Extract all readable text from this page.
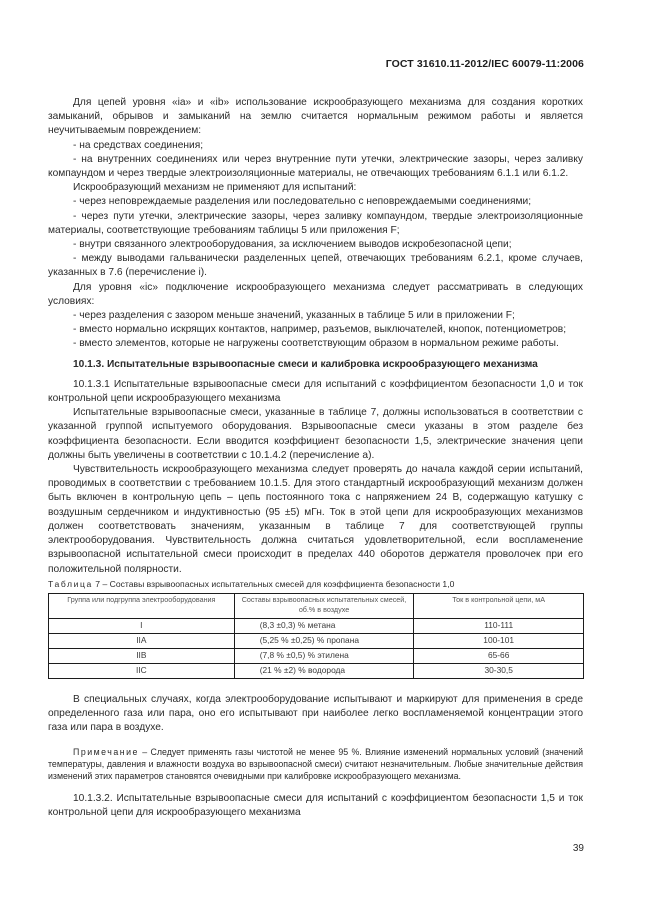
ГОСТ 31610.11-2012/IEC 60079-11:2006

Для цепей уровня «ia» и «ib» использование искрообразующего механизма для создания коротких замыканий, обрывов и замыканий на землю считается нормальным режимом работы и является неучитываемым повреждением:

- на средствах соединения;

- на внутренних соединениях или через внутренние пути утечки, электрические зазоры, через заливку компаундом и через твердые электроизоляционные материалы, не отвечающих требованиям 6.1.1 или 6.1.2.

Искрообразующий механизм не применяют для испытаний:

- через неповреждаемые разделения или последовательно с неповреждаемыми соединениями;

- через пути утечки, электрические зазоры, через заливку компаундом, твердые электроизоляционные материалы, соответствующие требованиям таблицы 5 или приложения F;

- внутри связанного электрооборудования, за исключением выводов искробезопасной цепи;

- между выводами гальванически разделенных цепей, отвечающих требованиям 6.2.1, кроме случаев, указанных в 7.6 (перечисление i).

Для уровня «ic» подключение искрообразующего механизма следует рассматривать в следующих условиях:

- через разделения с зазором меньше значений, указанных в таблице 5 или в приложении F;

- вместо нормально искрящих контактов, например, разъемов, выключателей, кнопок, потенциометров;

- вместо элементов, которые не нагружены соответствующим образом в нормальном режиме работы.

10.1.3. Испытательные взрывоопасные смеси и калибровка искрообразующего механизма

10.1.3.1 Испытательные взрывоопасные смеси для испытаний с коэффициентом безопасности 1,0 и ток контрольной цепи искрообразующего механизма

Испытательные взрывоопасные смеси, указанные в таблице 7, должны использоваться в соответствии с указанной группой испытуемого оборудования. Взрывоопасные смеси указаны в этом разделе без коэффициента безопасности. Если вводится коэффициент безопасности 1,5, электрические значения цепи должны быть увеличены в соответствии с 10.1.4.2 (перечисление а).

Чувствительность искрообразующего механизма следует проверять до начала каждой серии испытаний, проводимых в соответствии с требованием 10.1.5. Для этого стандартный искрообразующий механизм должен быть включен в контрольную цепь – цепь постоянного тока с напряжением 24 В, содержащую катушку с воздушным сердечником и индуктивностью (95 ±5) мГн. Ток в этой цепи для искрообразующих механизмов должен соответствовать значениям, указанным в таблице 7 для соответствующей группы электрооборудования. Чувствительность должна считаться удовлетворительной, если воспламенение взрывоопасной испытательной смеси происходит в пределах 440 оборотов держателя проволочек при его положительной полярности.

Таблица 7 – Составы взрывоопасных испытательных смесей для коэффициента безопасности 1,0
Группа или подгруппа электрооборудования	Составы взрывоопасных испытательных смесей, об.% в воздухе	Ток в контрольной цепи, мА
I	(8,3 ±0,3) % метана	110-111
IIA	(5,25 % ±0,25) % пропана	100-101
IIB	(7,8 % ±0,5) % этилена	65-66
IIC	(21 % ±2) % водорода	30-30,5

В специальных случаях, когда электрооборудование испытывают и маркируют для применения в среде определенного газа или пара, оно его испытывают при наиболее легко воспламеняемой концентрации этого газа или пара в воздухе.

Примечание – Следует применять газы чистотой не менее 95 %. Влияние изменений нормальных условий (значений температуры, давления и влажности воздуха во взрывоопасной смеси) считают незначительным. Любые значительные действия изменений этих параметров становятся очевидными при калибровке искрообразующего механизма.

10.1.3.2. Испытательные взрывоопасные смеси для испытаний с коэффициентом безопасности 1,5 и ток контрольной цепи для искрообразующего механизма

39
